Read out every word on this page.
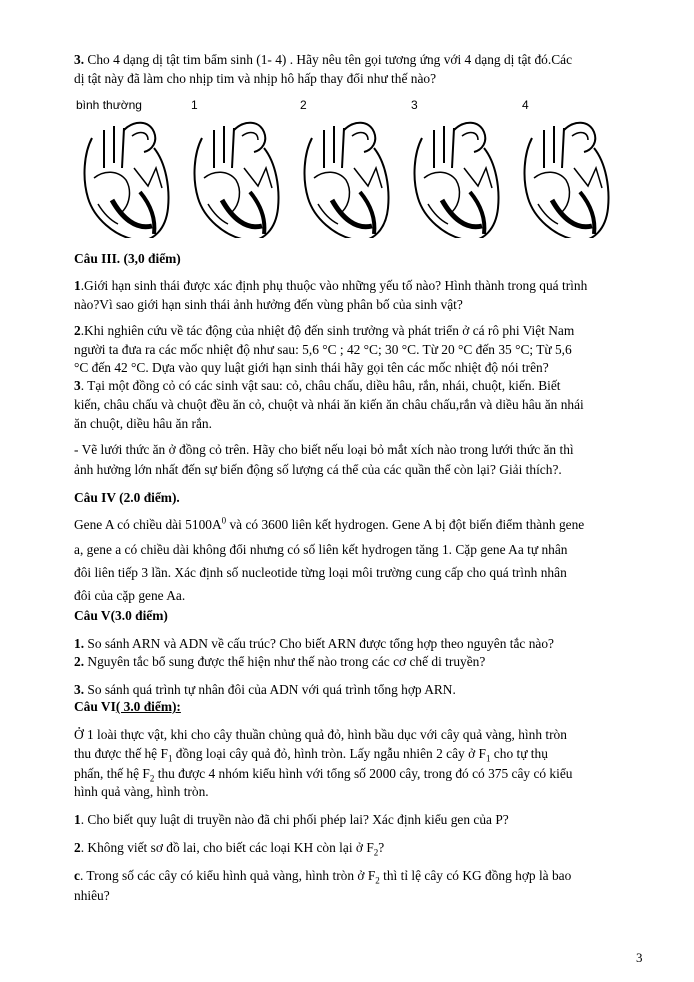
3. Cho 4 dạng dị tật tim bẩm sinh (1- 4) . Hãy nêu tên gọi tương ứng với 4 dạng dị tật đó.Các
dị tật này đã làm cho nhịp tim và nhịp hô hấp thay đổi như thế nào?
bình thường	1	2	3	4
Câu III. (3,0 điểm)
1.Giới hạn sinh thái được xác định phụ thuộc vào những yếu tố nào? Hình thành trong quá trình
nào?Vì sao giới hạn sinh thái ảnh hưởng đến vùng phân bố của sinh vật?
2.Khi nghiên cứu về tác động của nhiệt độ đến sinh trưởng và phát triển ở cá rô phi Việt Nam
người ta đưa ra các mốc nhiệt độ như sau: 5,6 °C ; 42 °C; 30 °C. Từ 20 °C đến 35 °C; Từ 5,6
°C đến 42 °C. Dựa vào quy luật giới hạn sinh thái hãy gọi tên các mốc nhiệt độ nói trên?
3. Tại một đồng cỏ có các sinh vật sau: cỏ, châu chấu, diều hâu, rắn, nhái, chuột, kiến. Biết
kiến, châu chấu và chuột đều ăn cỏ, chuột và nhái ăn kiến ăn châu chấu,rắn và diều hâu ăn nhái
ăn chuột, diều hâu ăn rắn.
- Vẽ lưới thức ăn ở đồng cỏ trên. Hãy cho biết nếu loại bỏ mắt xích nào trong lưới thức ăn thì
ảnh hưởng lớn nhất đến sự biến động số lượng cá thể của các quần thể còn lại? Giải thích?.
Câu IV (2.0 điểm).
Gene A có chiều dài $5100A^0$ và có 3600 liên kết hydrogen. Gene A bị đột biến điểm thành gene
a, gene a có chiều dài không đổi nhưng có số liên kết hydrogen tăng 1. Cặp gene Aa tự nhân
đôi liên tiếp 3 lần. Xác định số nucleotide từng loại môi trường cung cấp cho quá trình nhân
đôi của cặp gene Aa.
Câu V(3.0 điểm)
1. So sánh ARN và ADN về cấu trúc? Cho biết ARN được tổng hợp theo nguyên tắc nào?
2. Nguyên tắc bổ sung được thể hiện như thế nào trong các cơ chế di truyền?
3. So sánh quá trình tự nhân đôi của ADN với quá trình tổng hợp ARN.
Câu VI( 3.0 điểm):
Ở 1 loài thực vật, khi cho cây thuần chủng quả đỏ, hình bầu dục với cây quả vàng, hình tròn
thu được thế hệ $F_1$ đồng loại cây quả đỏ, hình tròn. Lấy ngẫu nhiên 2 cây ở $F_1$ cho tự thụ
phấn, thế hệ $F_2$ thu được 4 nhóm kiểu hình với tổng số 2000 cây, trong đó có 375 cây có kiểu
hình quả vàng, hình tròn.
1. Cho biết quy luật di truyền nào đã chi phối phép lai? Xác định kiểu gen của P?
2. Không viết sơ đồ lai, cho biết các loại KH còn lại ở $F_2$?
c. Trong số các cây có kiểu hình quả vàng, hình tròn ở $F_2$ thì tỉ lệ cây có KG đồng hợp là bao
nhiêu?
3
